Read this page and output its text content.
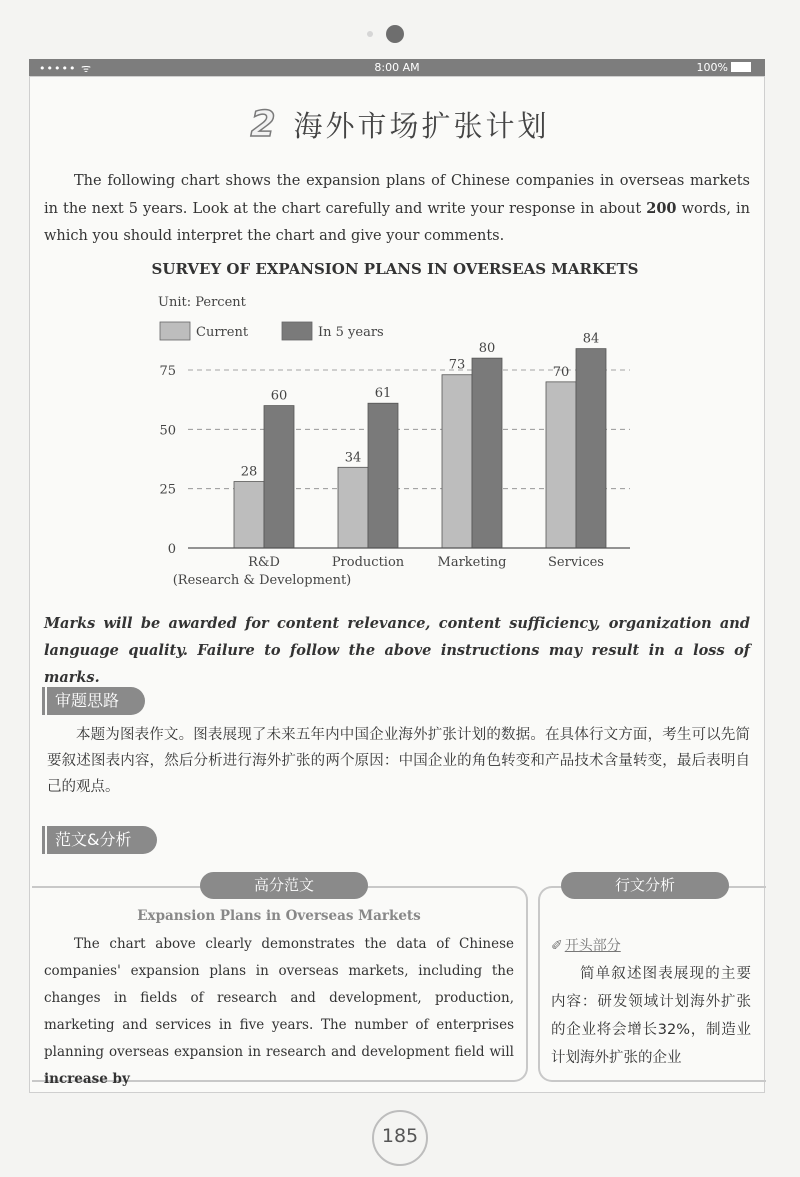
••••• ᯤ	8:00 AM	100%
2 海外市场扩张计划
The following chart shows the expansion plans of Chinese companies in overseas markets in the next 5 years. Look at the chart carefully and write your response in about 200 words, in which you should interpret the chart and give your comments.
SURVEY OF EXPANSION PLANS IN OVERSEAS MARKETS
Unit: Percent
Current	In 5 years
0
25
50
75
28
60
R&D
34
61
Production
73
80
Marketing
70
84
Services
(Research & Development)
Marks will be awarded for content relevance, content sufficiency, organization and language quality. Failure to follow the above instructions may result in a loss of marks.
审题思路
本题为图表作文。图表展现了未来五年内中国企业海外扩张计划的数据。在具体行文方面，考生可以先简要叙述图表内容，然后分析进行海外扩张的两个原因：中国企业的角色转变和产品技术含量转变，最后表明自己的观点。
范文&分析
高分范文
Expansion Plans in Overseas Markets
The chart above clearly demonstrates the data of Chinese companies' expansion plans in overseas markets, including the changes in fields of research and development, production, marketing and services in five years. The number of enterprises planning overseas expansion in research and development field will increase by
行文分析
✐ 开头部分
简单叙述图表展现的主要内容：研发领域计划海外扩张的企业将会增长32%，制造业计划海外扩张的企业
185
